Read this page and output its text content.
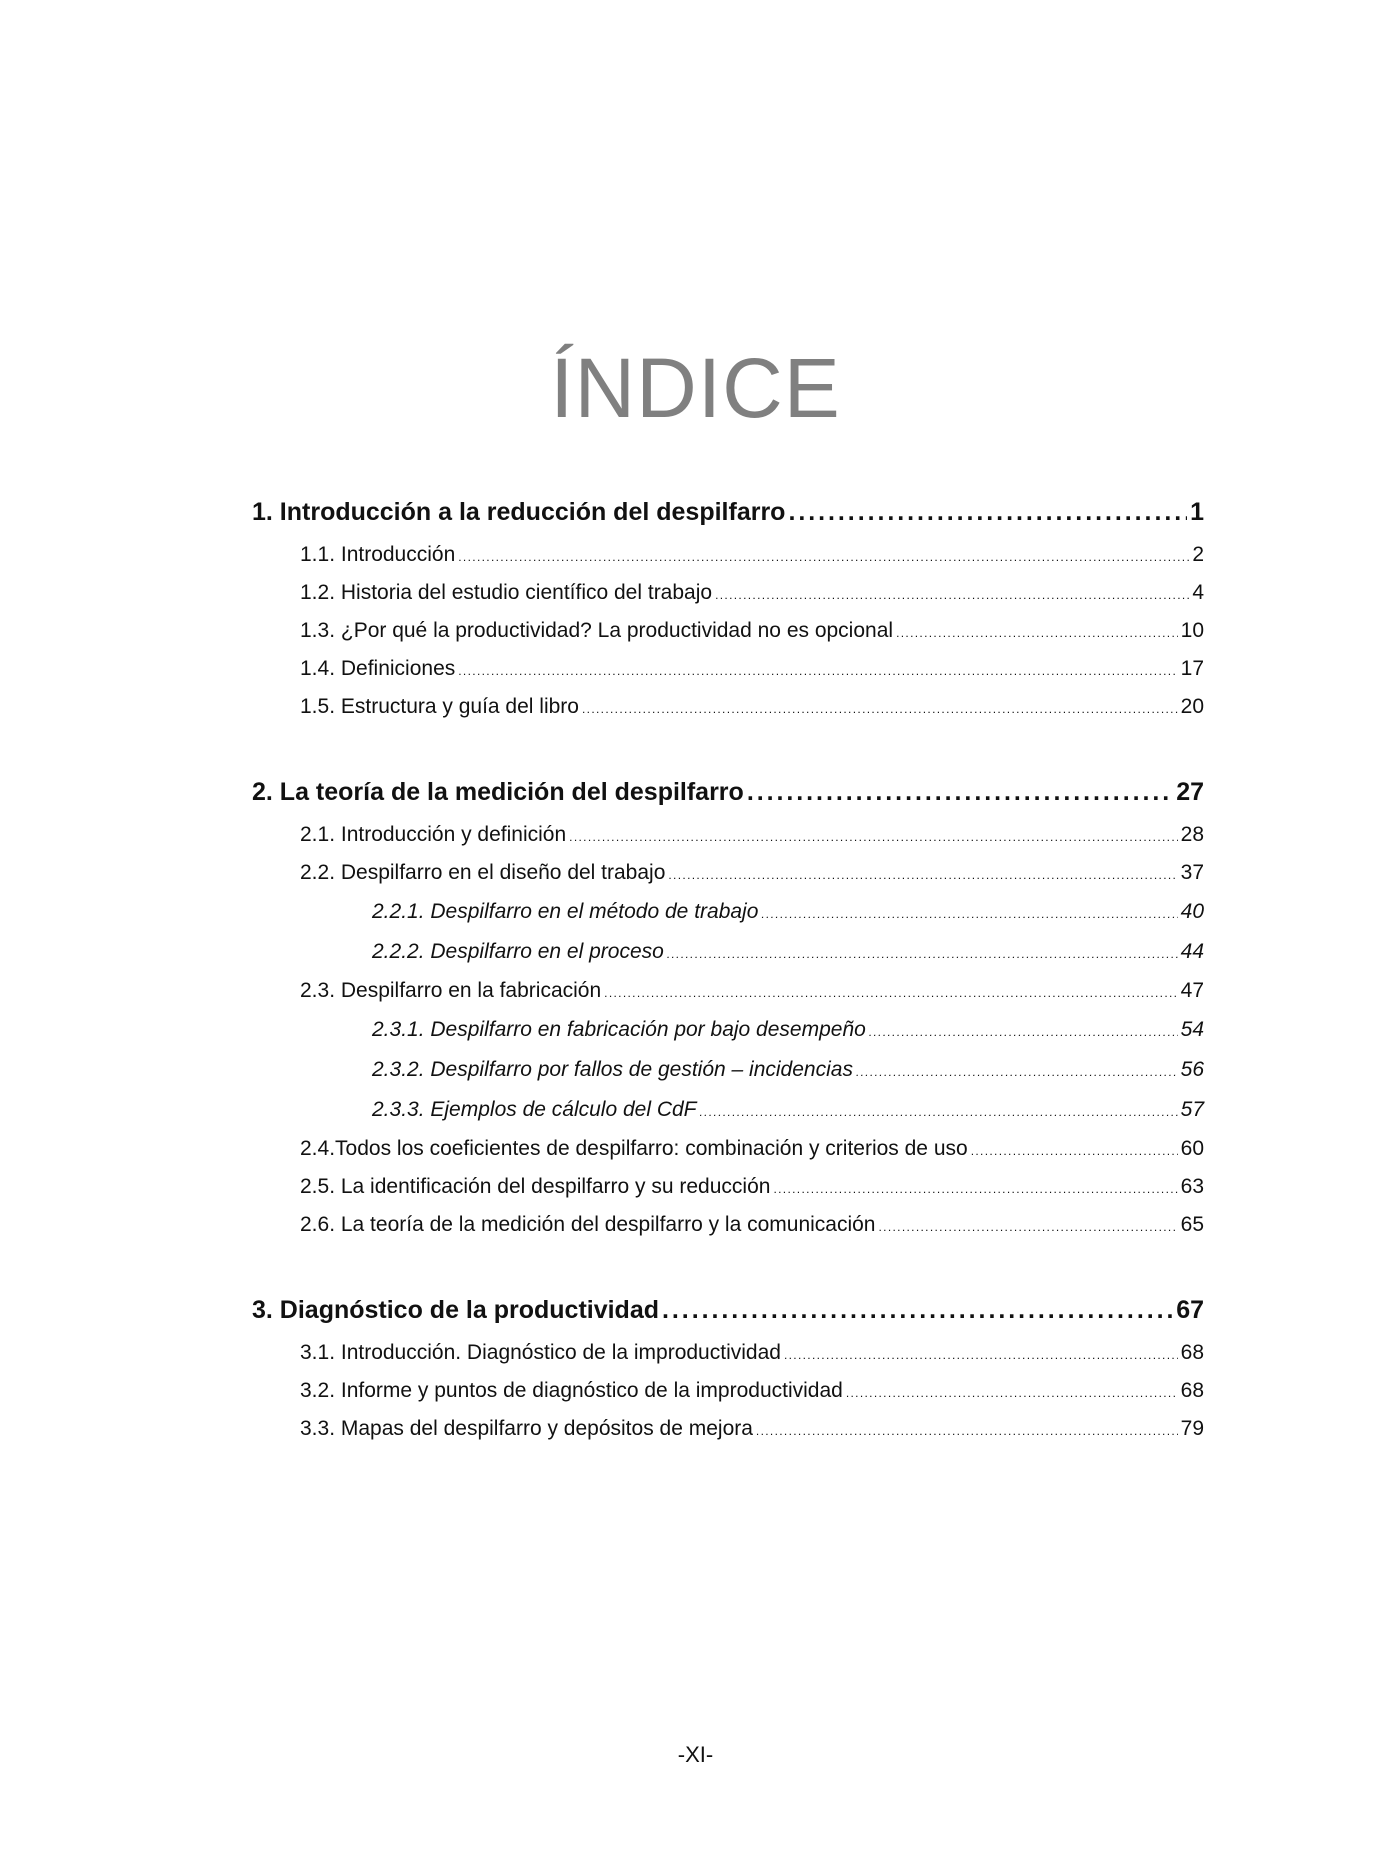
ÍNDICE
1. Introducción a la reducción del despilfarro . . .	1
1.1. Introducción . . .	2
1.2. Historia del estudio científico del trabajo . . .	4
1.3. ¿Por qué la productividad? La productividad no es opcional . . .	10
1.4. Definiciones . . .	17
1.5. Estructura y guía del libro . . .	20
2. La teoría de la medición del despilfarro . . .	27
2.1. Introducción y definición . . .	28
2.2. Despilfarro en el diseño del trabajo . . .	37
2.2.1. Despilfarro en el método de trabajo . . .	40
2.2.2. Despilfarro en el proceso . . .	44
2.3. Despilfarro en la fabricación . . .	47
2.3.1. Despilfarro en fabricación por bajo desempeño . . .	54
2.3.2. Despilfarro por fallos de gestión – incidencias . . .	56
2.3.3. Ejemplos de cálculo del CdF . . .	57
2.4.Todos los coeficientes de despilfarro: combinación y criterios de uso . . .	60
2.5. La identificación del despilfarro y su reducción . . .	63
2.6. La teoría de la medición del despilfarro y la comunicación . . .	65
3. Diagnóstico de la productividad . . .	67
3.1. Introducción. Diagnóstico de la improductividad . . .	68
3.2. Informe y puntos de diagnóstico de la improductividad . . .	68
3.3. Mapas del despilfarro y depósitos de mejora . . .	79
-XI-
